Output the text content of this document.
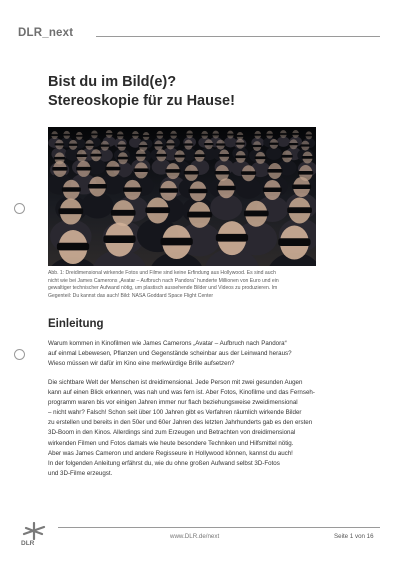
DLR_next
Bist du im Bild(e)?
Stereoskopie für zu Hause!
Abb. 1: Dreidimensional wirkende Fotos und Filme sind keine Erfindung aus Hollywood. Es sind auch
nicht wie bei James Camerons „Avatar – Aufbruch nach Pandora“ hunderte Millionen von Euro und ein
gewaltiger technischer Aufwand nötig, um plastisch aussehende Bilder und Videos zu produzieren. Im
Gegenteil: Du kannst das auch! Bild: NASA Goddard Space Flight Center
Einleitung
Warum kommen in Kinofilmen wie James Camerons „Avatar – Aufbruch nach Pandora“
auf einmal Lebewesen, Pflanzen und Gegenstände scheinbar aus der Leinwand heraus?
Wieso müssen wir dafür im Kino eine merkwürdige Brille aufsetzen?
Die sichtbare Welt der Menschen ist dreidimensional. Jede Person mit zwei gesunden Augen
kann auf einen Blick erkennen, was nah und was fern ist. Aber Fotos, Kinofilme und das Fernseh-
programm waren bis vor einigen Jahren immer nur flach beziehungsweise zweidimensional
– nicht wahr? Falsch! Schon seit über 100 Jahren gibt es Verfahren räumlich wirkende Bilder
zu erstellen und bereits in den 50er und 60er Jahren des letzten Jahrhunderts gab es den ersten
3D-Boom in den Kinos. Allerdings sind zum Erzeugen und Betrachten von dreidimensional
wirkenden Filmen und Fotos damals wie heute besondere Techniken und Hilfsmittel nötig.
Aber was James Cameron und andere Regisseure in Hollywood können, kannst du auch!
In der folgenden Anleitung erfährst du, wie du ohne großen Aufwand selbst 3D-Fotos
und 3D-Filme erzeugst.
DLR
www.DLR.de/next	Seite 1 von 16
